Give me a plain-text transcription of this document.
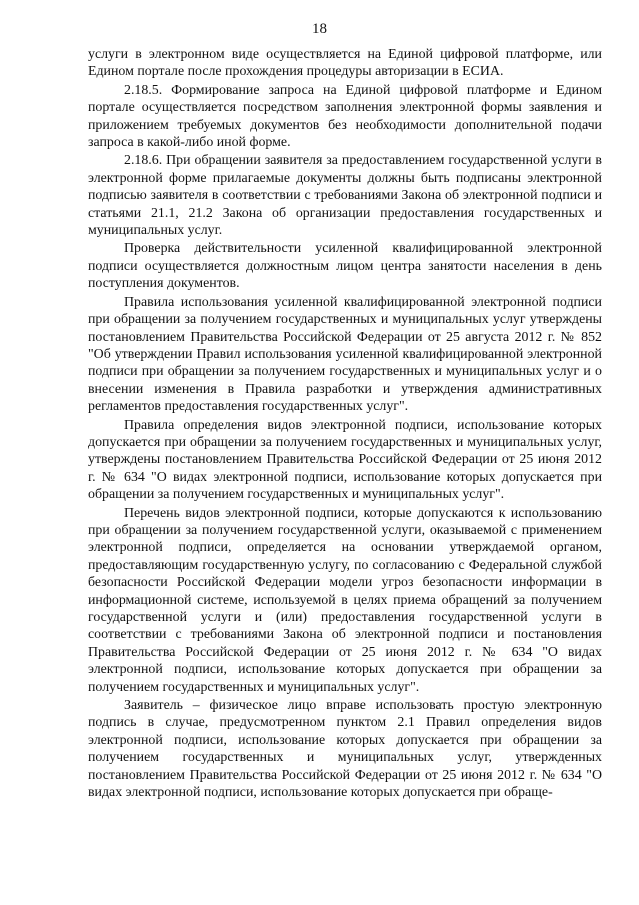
18

услуги в электронном виде осуществляется на Единой цифровой платформе, или Едином портале после прохождения процедуры авторизации в ЕСИА.

2.18.5. Формирование запроса на Единой цифровой платформе и Едином портале осуществляется посредством заполнения электронной формы заявления и приложением требуемых документов без необходимости дополнительной подачи запроса в какой-либо иной форме.

2.18.6. При обращении заявителя за предоставлением государственной услуги в электронной форме прилагаемые документы должны быть подписаны электронной подписью заявителя в соответствии с требованиями Закона об электронной подписи и статьями 21.1, 21.2 Закона об организации предоставления государственных и муниципальных услуг.

Проверка действительности усиленной квалифицированной электронной подписи осуществляется должностным лицом центра занятости населения в день поступления документов.

Правила использования усиленной квалифицированной электронной подписи при обращении за получением государственных и муниципальных услуг утверждены постановлением Правительства Российской Федерации от 25 августа 2012 г. № 852 "Об утверждении Правил использования усиленной квалифицированной электронной подписи при обращении за получением государственных и муниципальных услуг и о внесении изменения в Правила разработки и утверждения административных регламентов предоставления государственных услуг".

Правила определения видов электронной подписи, использование которых допускается при обращении за получением государственных и муниципальных услуг, утверждены постановлением Правительства Российской Федерации от 25 июня 2012 г. № 634 "О видах электронной подписи, использование которых допускается при обращении за получением государственных и муниципальных услуг".

Перечень видов электронной подписи, которые допускаются к использованию при обращении за получением государственной услуги, оказываемой с применением электронной подписи, определяется на основании утверждаемой органом, предоставляющим государственную услугу, по согласованию с Федеральной службой безопасности Российской Федерации модели угроз безопасности информации в информационной системе, используемой в целях приема обращений за получением государственной услуги и (или) предоставления государственной услуги в соответствии с требованиями Закона об электронной подписи и постановления Правительства Российской Федерации от 25 июня 2012 г. № 634 "О видах электронной подписи, использование которых допускается при обращении за получением государственных и муниципальных услуг".

Заявитель – физическое лицо вправе использовать простую электронную подпись в случае, предусмотренном пунктом 2.1 Правил определения видов электронной подписи, использование которых допускается при обращении за получением государственных и муниципальных услуг, утвержденных постановлением Правительства Российской Федерации от 25 июня 2012 г. № 634 "О видах электронной подписи, использование которых допускается при обраще-
